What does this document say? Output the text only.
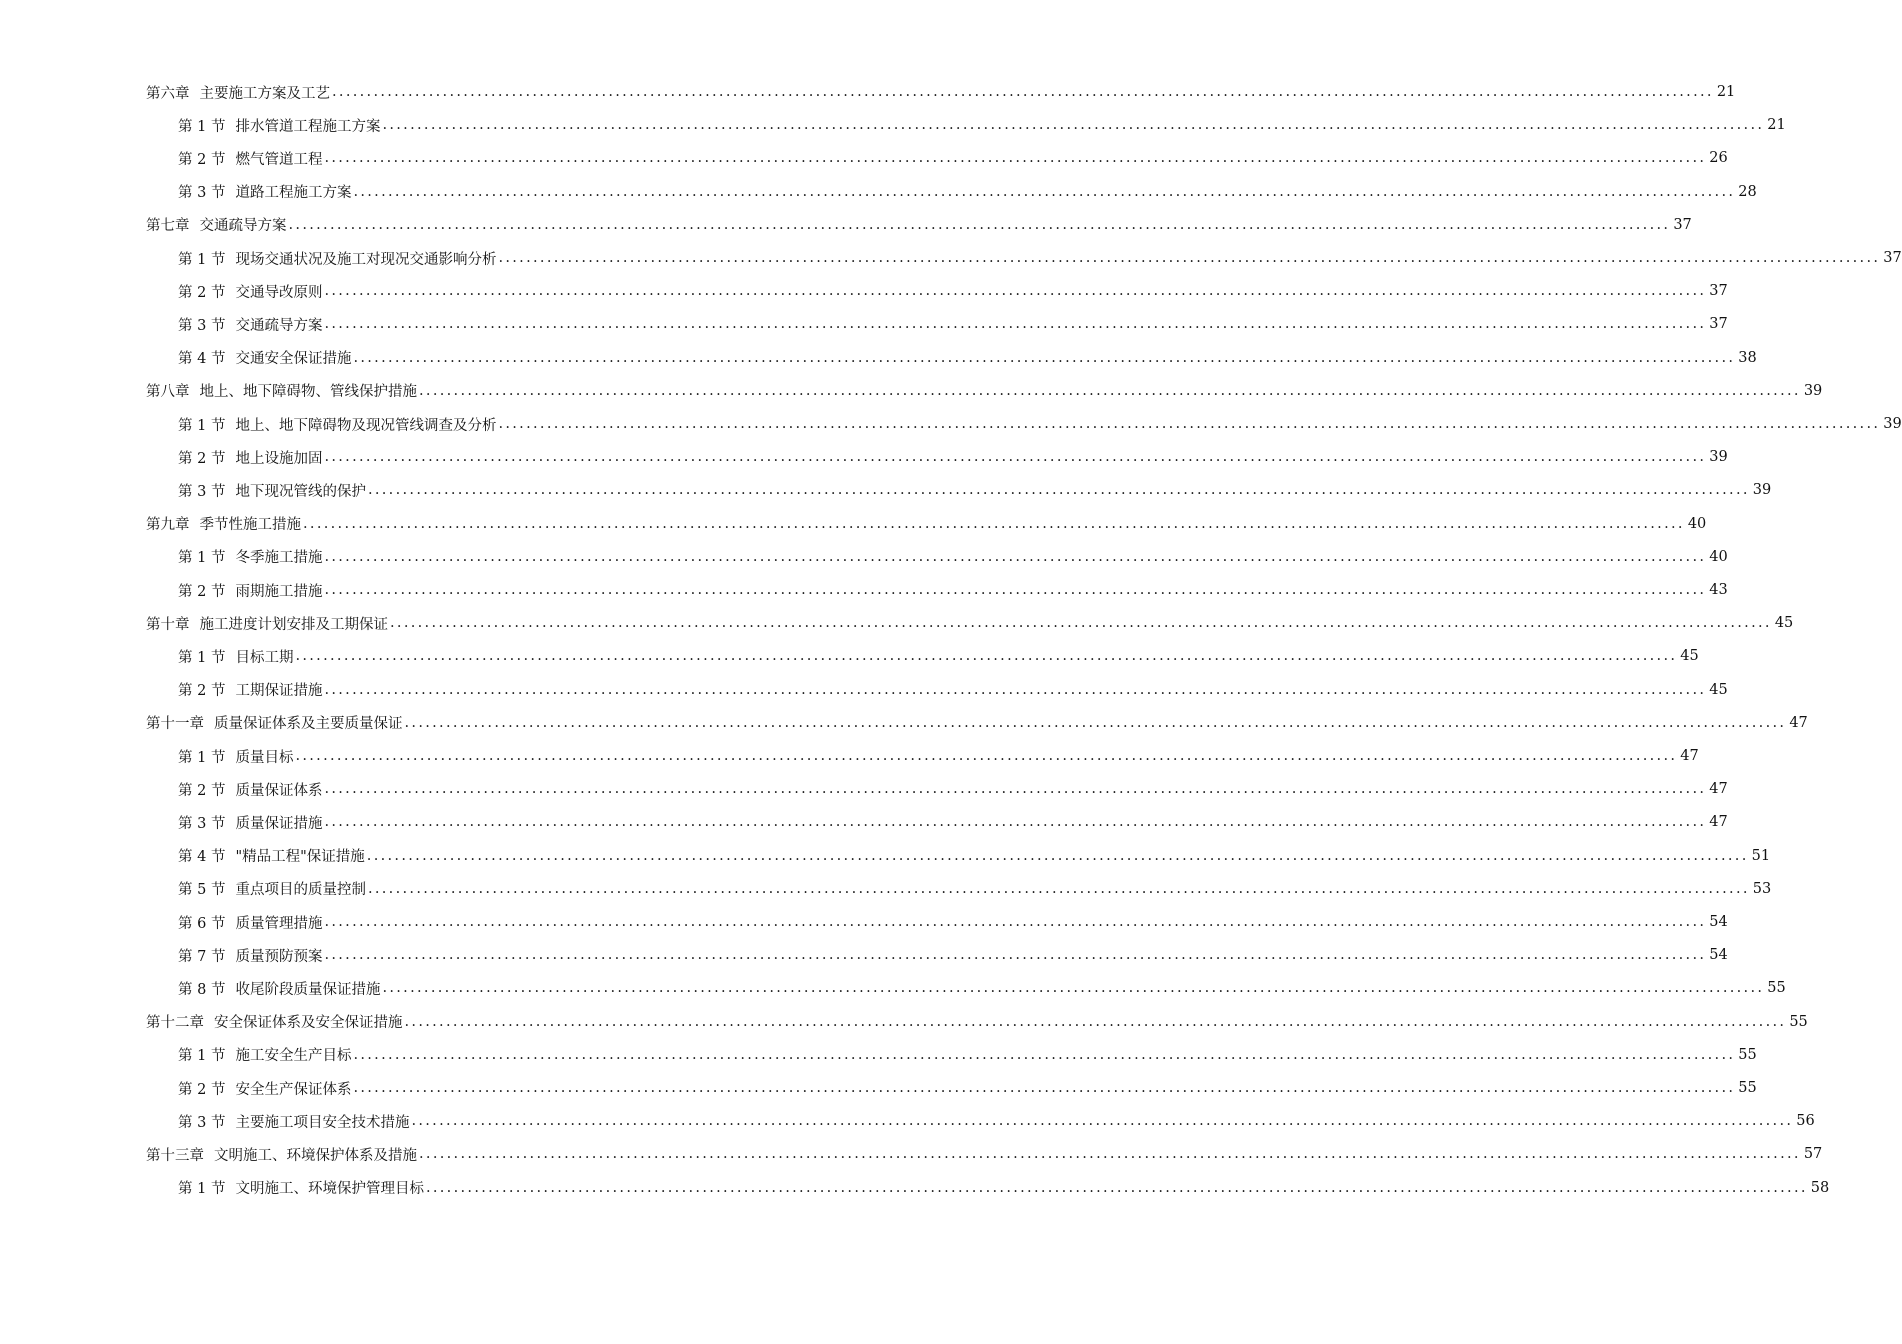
第六章 主要施工方案及工艺 ........................................................................................................................................................................................................ 21
第 1 节 排水管道工程施工方案 ........................................................................................................................................................................................................ 21
第 2 节 燃气管道工程 ........................................................................................................................................................................................................ 26
第 3 节 道路工程施工方案 ........................................................................................................................................................................................................ 28
第七章 交通疏导方案 ........................................................................................................................................................................................................ 37
第 1 节 现场交通状况及施工对现况交通影响分析 ........................................................................................................................................................................................................ 37
第 2 节 交通导改原则 ........................................................................................................................................................................................................ 37
第 3 节 交通疏导方案 ........................................................................................................................................................................................................ 37
第 4 节 交通安全保证措施 ........................................................................................................................................................................................................ 38
第八章 地上、地下障碍物、管线保护措施 ........................................................................................................................................................................................................ 39
第 1 节 地上、地下障碍物及现况管线调查及分析 ........................................................................................................................................................................................................ 39
第 2 节 地上设施加固 ........................................................................................................................................................................................................ 39
第 3 节 地下现况管线的保护 ........................................................................................................................................................................................................ 39
第九章 季节性施工措施 ........................................................................................................................................................................................................ 40
第 1 节 冬季施工措施 ........................................................................................................................................................................................................ 40
第 2 节 雨期施工措施 ........................................................................................................................................................................................................ 43
第十章 施工进度计划安排及工期保证 ........................................................................................................................................................................................................ 45
第 1 节 目标工期 ........................................................................................................................................................................................................ 45
第 2 节 工期保证措施 ........................................................................................................................................................................................................ 45
第十一章 质量保证体系及主要质量保证 ........................................................................................................................................................................................................ 47
第 1 节 质量目标 ........................................................................................................................................................................................................ 47
第 2 节 质量保证体系 ........................................................................................................................................................................................................ 47
第 3 节 质量保证措施 ........................................................................................................................................................................................................ 47
第 4 节 "精品工程"保证措施 ........................................................................................................................................................................................................ 51
第 5 节 重点项目的质量控制 ........................................................................................................................................................................................................ 53
第 6 节 质量管理措施 ........................................................................................................................................................................................................ 54
第 7 节 质量预防预案 ........................................................................................................................................................................................................ 54
第 8 节 收尾阶段质量保证措施 ........................................................................................................................................................................................................ 55
第十二章 安全保证体系及安全保证措施 ........................................................................................................................................................................................................ 55
第 1 节 施工安全生产目标 ........................................................................................................................................................................................................ 55
第 2 节 安全生产保证体系 ........................................................................................................................................................................................................ 55
第 3 节 主要施工项目安全技术措施 ........................................................................................................................................................................................................ 56
第十三章 文明施工、环境保护体系及措施 ........................................................................................................................................................................................................ 57
第 1 节 文明施工、环境保护管理目标 ........................................................................................................................................................................................................ 58
